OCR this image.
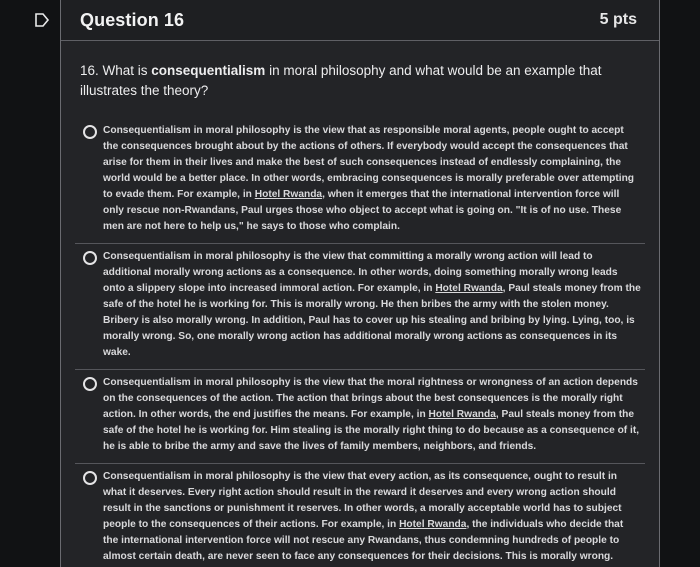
Question 16	5 pts
16. What is consequentialism in moral philosophy and what would be an example that illustrates the theory?
Consequentialism in moral philosophy is the view that as responsible moral agents, people ought to accept the consequences brought about by the actions of others. If everybody would accept the consequences that arise for them in their lives and make the best of such consequences instead of endlessly complaining, the world would be a better place. In other words, embracing consequences is morally preferable over attempting to evade them. For example, in Hotel Rwanda, when it emerges that the international intervention force will only rescue non-Rwandans, Paul urges those who object to accept what is going on. "It is of no use. These men are not here to help us," he says to those who complain.
Consequentialism in moral philosophy is the view that committing a morally wrong action will lead to additional morally wrong actions as a consequence. In other words, doing something morally wrong leads onto a slippery slope into increased immoral action. For example, in Hotel Rwanda, Paul steals money from the safe of the hotel he is working for. This is morally wrong. He then bribes the army with the stolen money. Bribery is also morally wrong. In addition, Paul has to cover up his stealing and bribing by lying. Lying, too, is morally wrong. So, one morally wrong action has additional morally wrong actions as consequences in its wake.
Consequentialism in moral philosophy is the view that the moral rightness or wrongness of an action depends on the consequences of the action. The action that brings about the best consequences is the morally right action. In other words, the end justifies the means. For example, in Hotel Rwanda, Paul steals money from the safe of the hotel he is working for. Him stealing is the morally right thing to do because as a consequence of it, he is able to bribe the army and save the lives of family members, neighbors, and friends.
Consequentialism in moral philosophy is the view that every action, as its consequence, ought to result in what it deserves. Every right action should result in the reward it deserves and every wrong action should result in the sanctions or punishment it reserves. In other words, a morally acceptable world has to subject people to the consequences of their actions. For example, in Hotel Rwanda, the individuals who decide that the international intervention force will not rescue any Rwandans, thus condemning hundreds of people to almost certain death, are never seen to face any consequences for their decisions. This is morally wrong.
